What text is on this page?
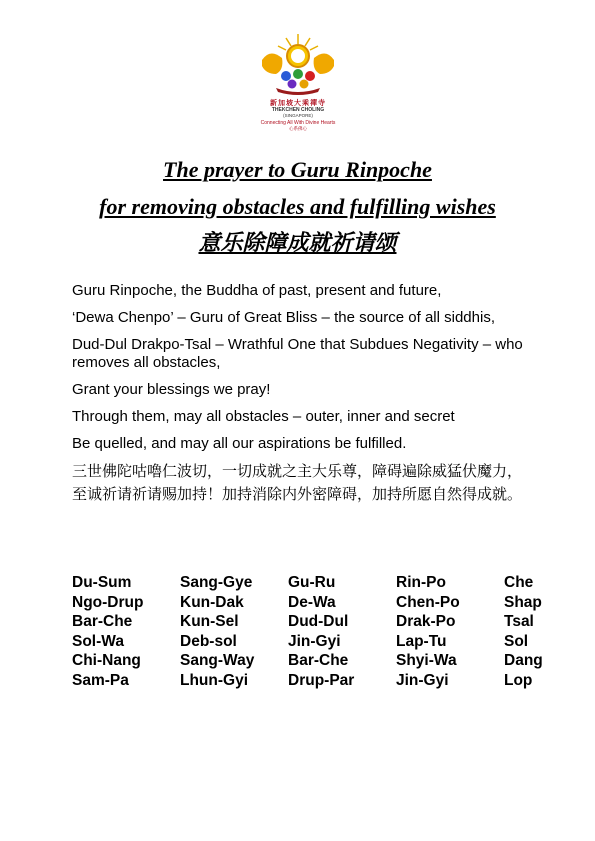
新加坡大乘禪寺
THEKCHEN CHOLING
(SINGAPORE)
Connecting All With Divine Hearts
心系佛心
The prayer to Guru Rinpoche
for removing obstacles and fulfilling wishes
意乐除障成就祈请颂
Guru Rinpoche, the Buddha of past, present and future,
‘Dewa Chenpo’ – Guru of Great Bliss – the source of all siddhis,
Dud-Dul Drakpo-Tsal – Wrathful One that Subdues Negativity – who removes all obstacles,
Grant your blessings we pray!
Through them, may all obstacles – outer, inner and secret
Be quelled, and may all our aspirations be fulfilled.
三世佛陀咕嚕仁波切，一切成就之主大乐尊，障碍遍除威猛伏魔力，至诚祈请祈请赐加持！加持消除内外密障碍，加持所愿自然得成就。
Du-Sum	Sang-Gye	Gu-Ru	Rin-Po	Che
Ngo-Drup	Kun-Dak	De-Wa	Chen-Po	Shap
Bar-Che	Kun-Sel	Dud-Dul	Drak-Po	Tsal
Sol-Wa	Deb-sol	Jin-Gyi	Lap-Tu	Sol
Chi-Nang	Sang-Way	Bar-Che	Shyi-Wa	Dang
Sam-Pa	Lhun-Gyi	Drup-Par	Jin-Gyi	Lop
